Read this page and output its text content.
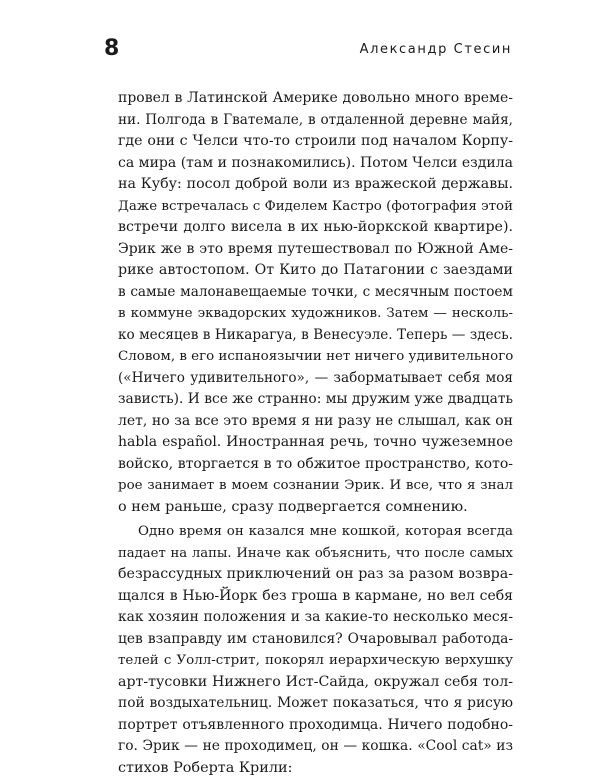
8	Александр Стесин
провел в Латинской Америке довольно много време-
ни. Полгода в Гватемале, в отдаленной деревне майя,
где они с Челси что-то строили под началом Корпу-
са мира (там и познакомились). Потом Челси ездила
на Кубу: посол доброй воли из вражеской державы.
Даже встречалась с Фиделем Кастро (фотография этой
встречи долго висела в их нью-йоркской квартире).
Эрик же в это время путешествовал по Южной Аме-
рике автостопом. От Кито до Патагонии с заездами
в самые малонавещаемые точки, с месячным постоем
в коммуне эквадорских художников. Затем — несколь-
ко месяцев в Никарагуа, в Венесуэле. Теперь — здесь.
Словом, в его испаноязычии нет ничего удивительного
(«Ничего удивительного», — заборматывает себя моя
зависть). И все же странно: мы дружим уже двадцать
лет, но за все это время я ни разу не слышал, как он
habla español. Иностранная речь, точно чужеземное
войско, вторгается в то обжитое пространство, кото-
рое занимает в моем сознании Эрик. И все, что я знал
о нем раньше, сразу подвергается сомнению.
Одно время он казался мне кошкой, которая всегда
падает на лапы. Иначе как объяснить, что после самых
безрассудных приключений он раз за разом возвра-
щался в Нью-Йорк без гроша в кармане, но вел себя
как хозяин положения и за какие-то несколько меся-
цев взаправду им становился? Очаровывал работода-
телей с Уолл-стрит, покорял иерархическую верхушку
арт-тусовки Нижнего Ист-Сайда, окружал себя тол-
пой воздыхательниц. Может показаться, что я рисую
портрет отъявленного проходимца. Ничего подобно-
го. Эрик — не проходимец, он — кошка. «Cool cat» из
стихов Роберта Крили:
